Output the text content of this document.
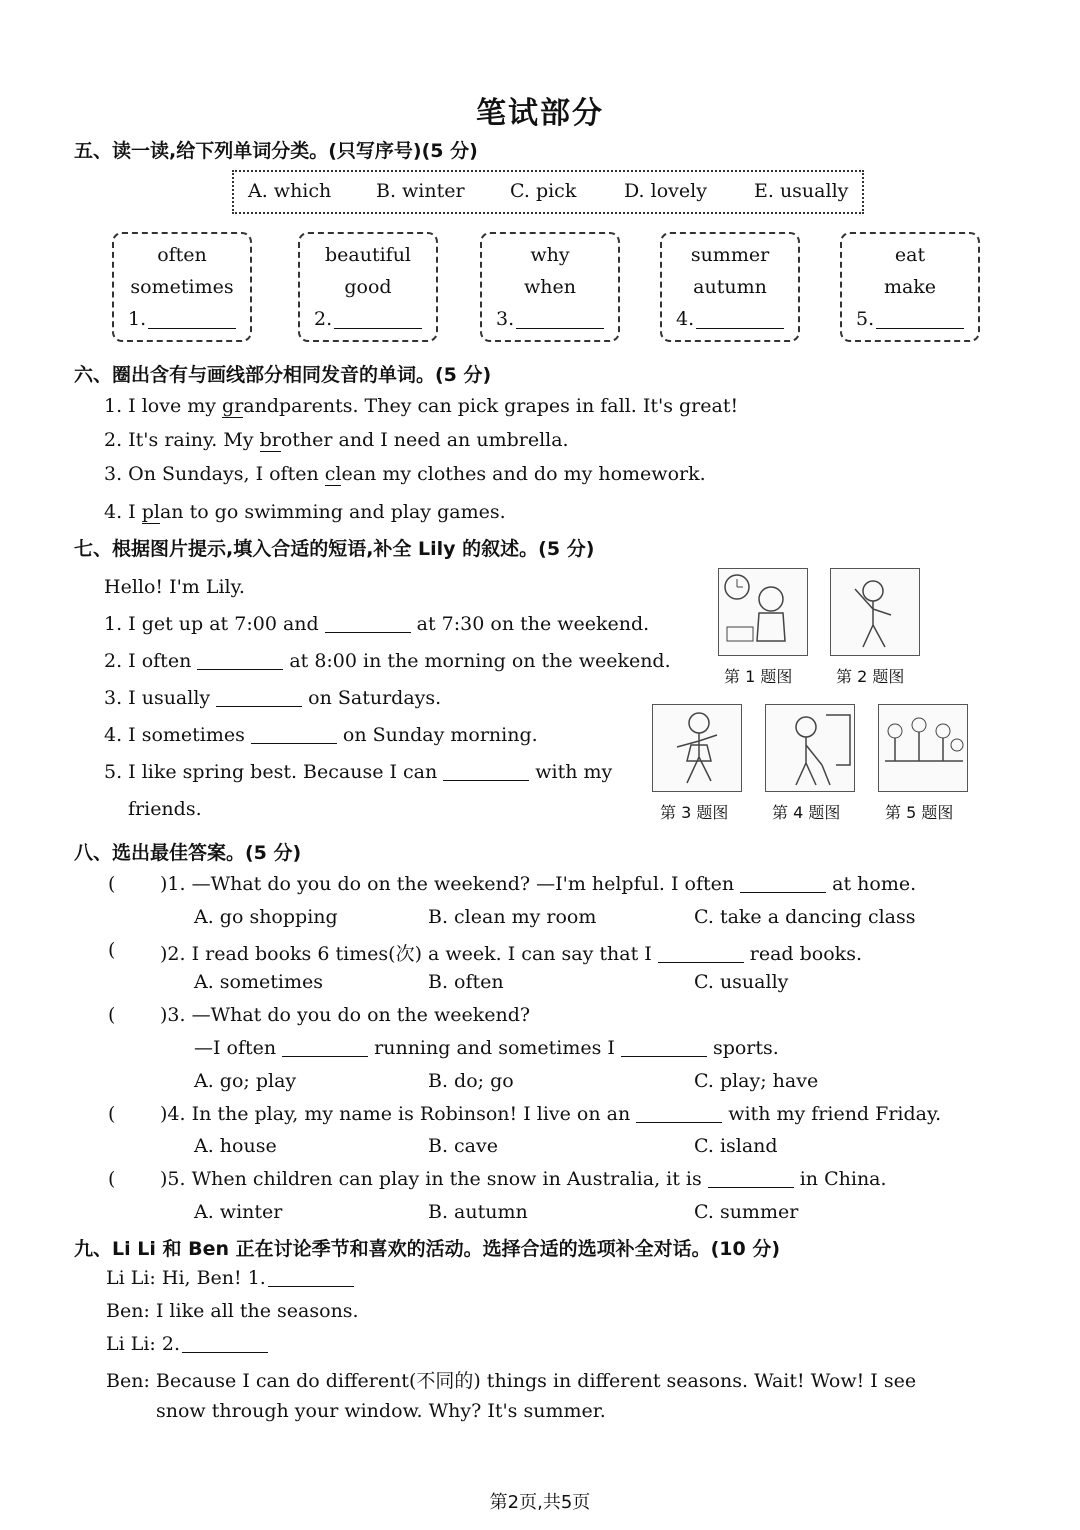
笔试部分
五、读一读,给下列单词分类。(只写序号)(5 分)
A. which B. winter C. pick	D. lovely E. usually
often
sometimes
1.
beautiful
good
2.
why
when
3.
summer
autumn
4.
eat
make
5.
六、圈出含有与画线部分相同发音的单词。(5 分)
1. I love my grandparents. They can pick grapes in fall. It's great!
2. It's rainy. My brother and I need an umbrella.
3. On Sundays, I often clean my clothes and do my homework.
4. I plan to go swimming and play games.
七、根据图片提示,填入合适的短语,补全 Lily 的叙述。(5 分)
Hello! I'm Lily.
1. I get up at 7:00 and	at 7:30 on the weekend.
2. I often	at 8:00 in the morning on the weekend.
3. I usually	on Saturdays.
4. I sometimes	on Sunday morning.
5. I like spring best. Because I can	with my
friends.
第 1 题图	第 2 题图
第 3 题图	第 4 题图	第 5 题图
八、选出最佳答案。(5 分)
( )1. —What do you do on the weekend? —I'm helpful. I often	at home.
A. go shopping	B. clean my room	C. take a dancing class
( )2. I read books 6 times(次) a week. I can say that I	read books.
A. sometimes	B. often	C. usually
( )3. —What do you do on the weekend?
—I often	running and sometimes I	sports.
A. go; play	B. do; go	C. play; have
( )4. In the play, my name is Robinson! I live on an	with my friend Friday.
A. house	B. cave	C. island
( )5. When children can play in the snow in Australia, it is	in China.
A. winter	B. autumn	C. summer
九、Li Li 和 Ben 正在讨论季节和喜欢的活动。选择合适的选项补全对话。(10 分)
Li Li: Hi, Ben! 1.
Ben: I like all the seasons.
Li Li: 2.
Ben: Because I can do different(不同的) things in different seasons. Wait! Wow! I see
snow through your window. Why? It's summer.
第2页,共5页
